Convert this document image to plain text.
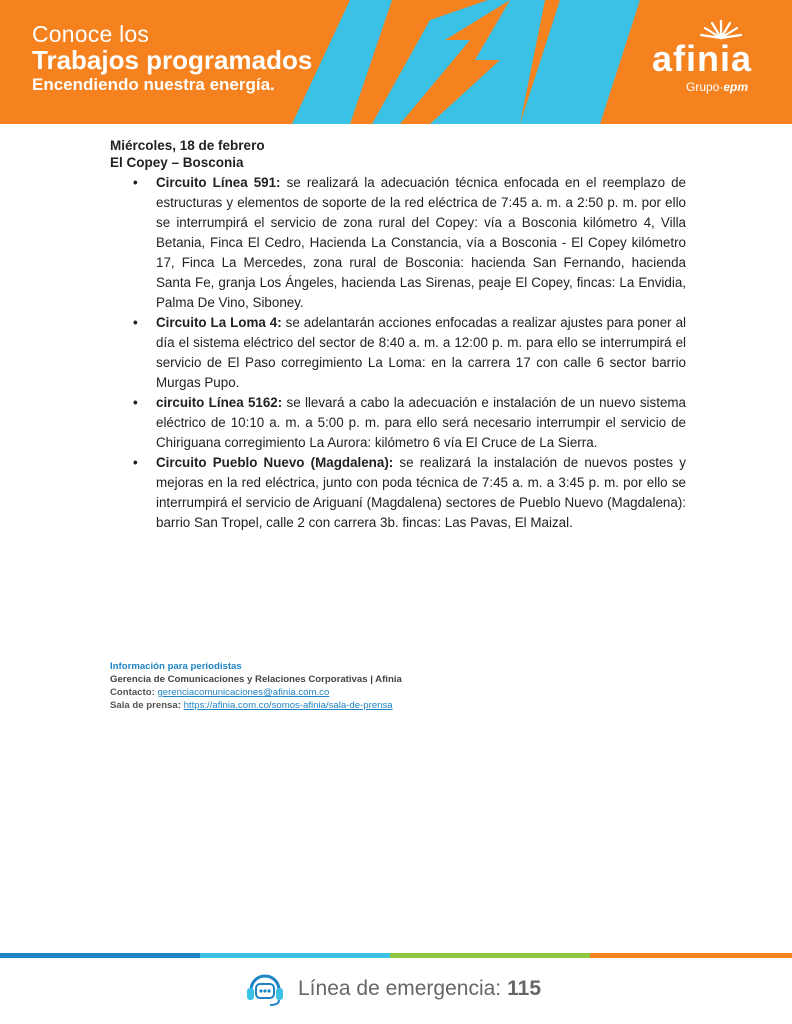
Conoce los
Trabajos programados
Encendiendo nuestra energía.
afinia
Grupo·epm
Miércoles, 18 de febrero
El Copey – Bosconia
• Circuito Línea 591: se realizará la adecuación técnica enfocada en el reemplazo de estructuras y elementos de soporte de la red eléctrica de 7:45 a. m. a 2:50 p. m. por ello se interrumpirá el servicio de zona rural del Copey: vía a Bosconia kilómetro 4, Villa Betania, Finca El Cedro, Hacienda La Constancia, vía a Bosconia - El Copey kilómetro 17, Finca La Mercedes, zona rural de Bosconia: hacienda San Fernando, hacienda Santa Fe, granja Los Ángeles, hacienda Las Sirenas, peaje El Copey, fincas: La Envidia, Palma De Vino, Siboney.
• Circuito La Loma 4: se adelantarán acciones enfocadas a realizar ajustes para poner al día el sistema eléctrico del sector de 8:40 a. m. a 12:00 p. m. para ello se interrumpirá el servicio de El Paso corregimiento La Loma: en la carrera 17 con calle 6 sector barrio Murgas Pupo.
• circuito Línea 5162: se llevará a cabo la adecuación e instalación de un nuevo sistema eléctrico de 10:10 a. m. a 5:00 p. m. para ello será necesario interrumpir el servicio de Chiriguana corregimiento La Aurora: kilómetro 6 vía El Cruce de La Sierra.
• Circuito Pueblo Nuevo (Magdalena): se realizará la instalación de nuevos postes y mejoras en la red eléctrica, junto con poda técnica de 7:45 a. m. a 3:45 p. m. por ello se interrumpirá el servicio de Ariguaní (Magdalena) sectores de Pueblo Nuevo (Magdalena): barrio San Tropel, calle 2 con carrera 3b. fincas: Las Pavas, El Maizal.
Información para periodistas
Gerencia de Comunicaciones y Relaciones Corporativas | Afinia
Contacto: gerenciacomunicaciones@afinia.com.co
Sala de prensa: https://afinia.com.co/somos-afinia/sala-de-prensa
Línea de emergencia: 115
